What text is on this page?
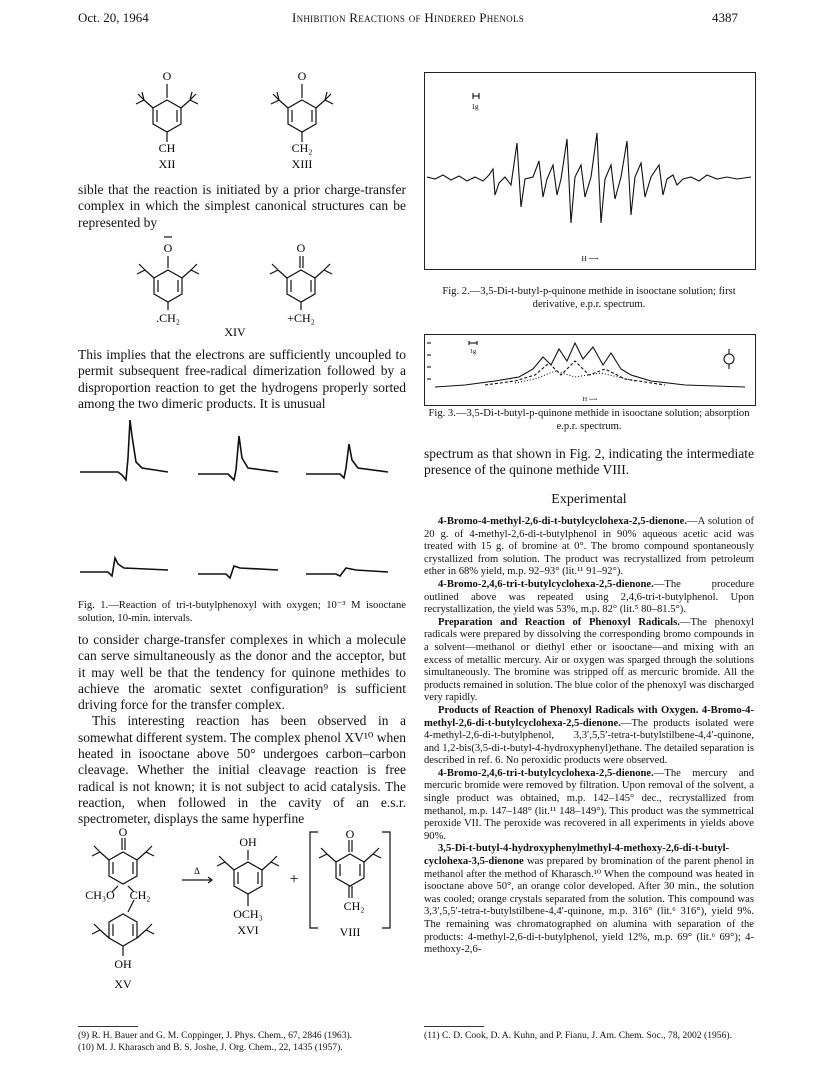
Oct. 20, 1964	Inhibition Reactions of Hindered Phenols	4387
O
CH
XII
O
CH₂
XIII

sible that the reaction is initiated by a prior charge-transfer complex in which the simplest canonical structures can be represented by

O
.CH₂
O
+CH₂
XIV

This implies that the electrons are sufficiently uncoupled to permit subsequent free-radical dimerization followed by a disproportion reaction to get the hydrogens properly sorted among the two dimeric products. It is unusual

Fig. 1.—Reaction of tri-t-butylphenoxyl with oxygen; 10⁻³ M isooctane solution, 10-min. intervals.

to consider charge-transfer complexes in which a molecule can serve simultaneously as the donor and the acceptor, but it may well be that the tendency for quinone methides to achieve the aromatic sextet configuration⁹ is sufficient driving force for the transfer complex.

This interesting reaction has been observed in a somewhat different system. The complex phenol XV¹⁰ when heated in isooctane above 50° undergoes carbon–carbon cleavage. Whether the initial cleavage reaction is free radical is not known; it is not subject to acid catalysis. The reaction, when followed in the cavity of an e.s.r. spectrometer, displays the same hyperfine

O
CH₃O CH₂
OH
XV
Δ
OH
OCH₃
XVI
+
O
CH₂
VIII

(9) R. H. Bauer and G. M. Coppinger, J. Phys. Chem., 67, 2846 (1963).

(10) M. J. Kharasch and B. S. Joshe, J. Org. Chem., 22, 1435 (1957).

1g
H ⟶

Fig. 2.—3,5-Di-t-butyl-p-quinone methide in isooctane solution; first derivative, e.p.r. spectrum.

1g
H ⟶

Fig. 3.—3,5-Di-t-butyl-p-quinone methide in isooctane solution; absorption e.p.r. spectrum.

spectrum as that shown in Fig. 2, indicating the intermediate presence of the quinone methide VIII.

Experimental

4-Bromo-4-methyl-2,6-di-t-butylcyclohexa-2,5-dienone.—A solution of 20 g. of 4-methyl-2,6-di-t-butylphenol in 90% aqueous acetic acid was treated with 15 g. of bromine at 0°. The bromo compound spontaneously crystallized from solution. The product was recrystallized from petroleum ether in 68% yield, m.p. 92–93° (lit.¹¹ 91–92°).

4-Bromo-2,4,6-tri-t-butylcyclohexa-2,5-dienone.—The procedure outlined above was repeated using 2,4,6-tri-t-butylphenol. Upon recrystallization, the yield was 53%, m.p. 82° (lit.⁵ 80–81.5°).

Preparation and Reaction of Phenoxyl Radicals.—The phenoxyl radicals were prepared by dissolving the corresponding bromo compounds in a solvent—methanol or diethyl ether or isooctane—and mixing with an excess of metallic mercury. Air or oxygen was sparged through the solutions simultaneously. The bromine was stripped off as mercuric bromide. All the products remained in solution. The blue color of the phenoxyl was discharged very rapidly.

Products of Reaction of Phenoxyl Radicals with Oxygen. 4-Bromo-4-methyl-2,6-di-t-butylcyclohexa-2,5-dienone.—The products isolated were 4-methyl-2,6-di-t-butylphenol, 3,3′,5,5′-tetra-t-butylstilbene-4,4′-quinone, and 1,2-bis(3,5-di-t-butyl-4-hydroxyphenyl)ethane. The detailed separation is described in ref. 6. No peroxidic products were observed.

4-Bromo-2,4,6-tri-t-butylcyclohexa-2,5-dienone.—The mercury and mercuric bromide were removed by filtration. Upon removal of the solvent, a single product was obtained, m.p. 142–145° dec., recrystallized from methanol, m.p. 147–148° (lit.¹¹ 148–149°). This product was the symmetrical peroxide VII. The peroxide was recovered in all experiments in yields above 90%.

3,5-Di-t-butyl-4-hydroxyphenylmethyl-4-methoxy-2,6-di-t-butyl-cyclohexa-3,5-dienone was prepared by bromination of the parent phenol in methanol after the method of Kharasch.¹⁰ When the compound was heated in isooctane above 50°, an orange color developed. After 30 min., the solution was cooled; orange crystals separated from the solution. This compound was 3,3′,5,5′-tetra-t-butylstilbene-4,4′-quinone, m.p. 316° (lit.⁶ 316°), yield 9%. The remaining was chromatographed on alumina with separation of the products: 4-methyl-2,6-di-t-butylphenol, yield 12%, m.p. 69° (lit.⁶ 69°); 4-methoxy-2,6-

(11) C. D. Cook, D. A. Kuhn, and P. Fianu, J. Am. Chem. Soc., 78, 2002 (1956).
